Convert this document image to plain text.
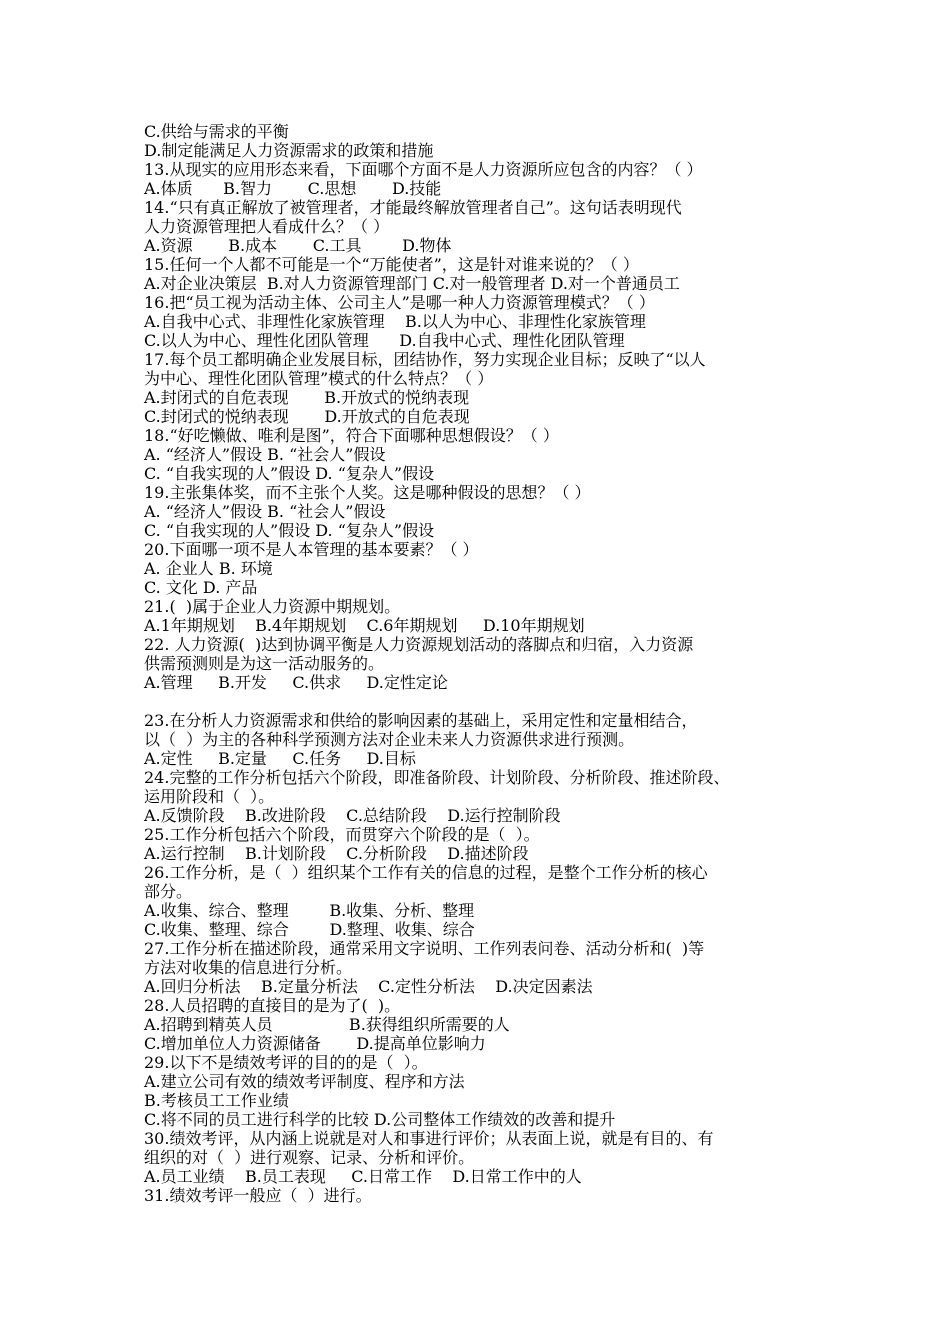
C.供给与需求的平衡
D.制定能满足人力资源需求的政策和措施
13.从现实的应用形态来看，下面哪个方面不是人力资源所应包含的内容？（ ）
A.体质      B.智力       C.思想       D.技能
14.“只有真正解放了被管理者，才能最终解放管理者自己”。这句话表明现代
人力资源管理把人看成什么？（ ）
A.资源       B.成本       C.工具        D.物体
15.任何一个人都不可能是一个“万能使者”，这是针对谁来说的？（ ）
A.对企业决策层  B.对人力资源管理部门 C.对一般管理者 D.对一个普通员工
16.把“员工视为活动主体、公司主人”是哪一种人力资源管理模式？（ ）
A.自我中心式、非理性化家族管理    B.以人为中心、非理性化家族管理
C.以人为中心、理性化团队管理      D.自我中心式、理性化团队管理
17.每个员工都明确企业发展目标，团结协作，努力实现企业目标；反映了“以人
为中心、理性化团队管理”模式的什么特点？（ ）
A.封闭式的自危表现       B.开放式的悦纳表现
C.封闭式的悦纳表现       D.开放式的自危表现
18.“好吃懒做、唯利是图”，符合下面哪种思想假设？（ ）
A. “经济人”假设 B. “社会人”假设
C. “自我实现的人”假设 D. “复杂人”假设
19.主张集体奖，而不主张个人奖。这是哪种假设的思想？（ ）
A. “经济人”假设 B. “社会人”假设
C. “自我实现的人”假设 D. “复杂人”假设
20.下面哪一项不是人本管理的基本要素？（ ）
A. 企业人 B. 环境
C. 文化 D. 产品
21.(  )属于企业人力资源中期规划。
A.1年期规划    B.4年期规划    C.6年期规划     D.10年期规划
22. 人力资源(  )达到协调平衡是人力资源规划活动的落脚点和归宿，入力资源
供需预测则是为这一活动服务的。
A.管理     B.开发     C.供求     D.定性定论
23.在分析人力资源需求和供给的影响因素的基础上，采用定性和定量相结合，
以（  ）为主的各种科学预测方法对企业未来人力资源供求进行预测。
A.定性     B.定量     C.任务     D.目标
24.完整的工作分析包括六个阶段，即准备阶段、计划阶段、分析阶段、推述阶段、
运用阶段和（  ）。
A.反馈阶段    B.改进阶段    C.总结阶段    D.运行控制阶段
25.工作分析包括六个阶段，而贯穿六个阶段的是（  ）。
A.运行控制    B.计划阶段    C.分析阶段    D.描述阶段
26.工作分析，是（  ）组织某个工作有关的信息的过程，是整个工作分析的核心
部分。
A.收集、综合、整理        B.收集、分析、整理
C.收集、整理、综合        D.整理、收集、综合
27.工作分析在描述阶段，通常采用文字说明、工作列表问卷、活动分析和(  )等
方法对收集的信息进行分析。
A.回归分析法    B.定量分析法    C.定性分析法    D.决定因素法
28.人员招聘的直接目的是为了(  )。
A.招聘到精英人员               B.获得组织所需要的人
C.增加单位人力资源储备       D.提高单位影响力
29.以下不是绩效考评的目的的是（  ）。
A.建立公司有效的绩效考评制度、程序和方法
B.考核员工工作业绩
C.将不同的员工进行科学的比较 D.公司整体工作绩效的改善和提升
30.绩效考评，从内涵上说就是对人和事进行评价；从表面上说，就是有目的、有
组织的对（  ）进行观察、记录、分析和评价。
A.员工业绩    B.员工表现     C.日常工作    D.日常工作中的人
31.绩效考评一般应（  ）进行。
